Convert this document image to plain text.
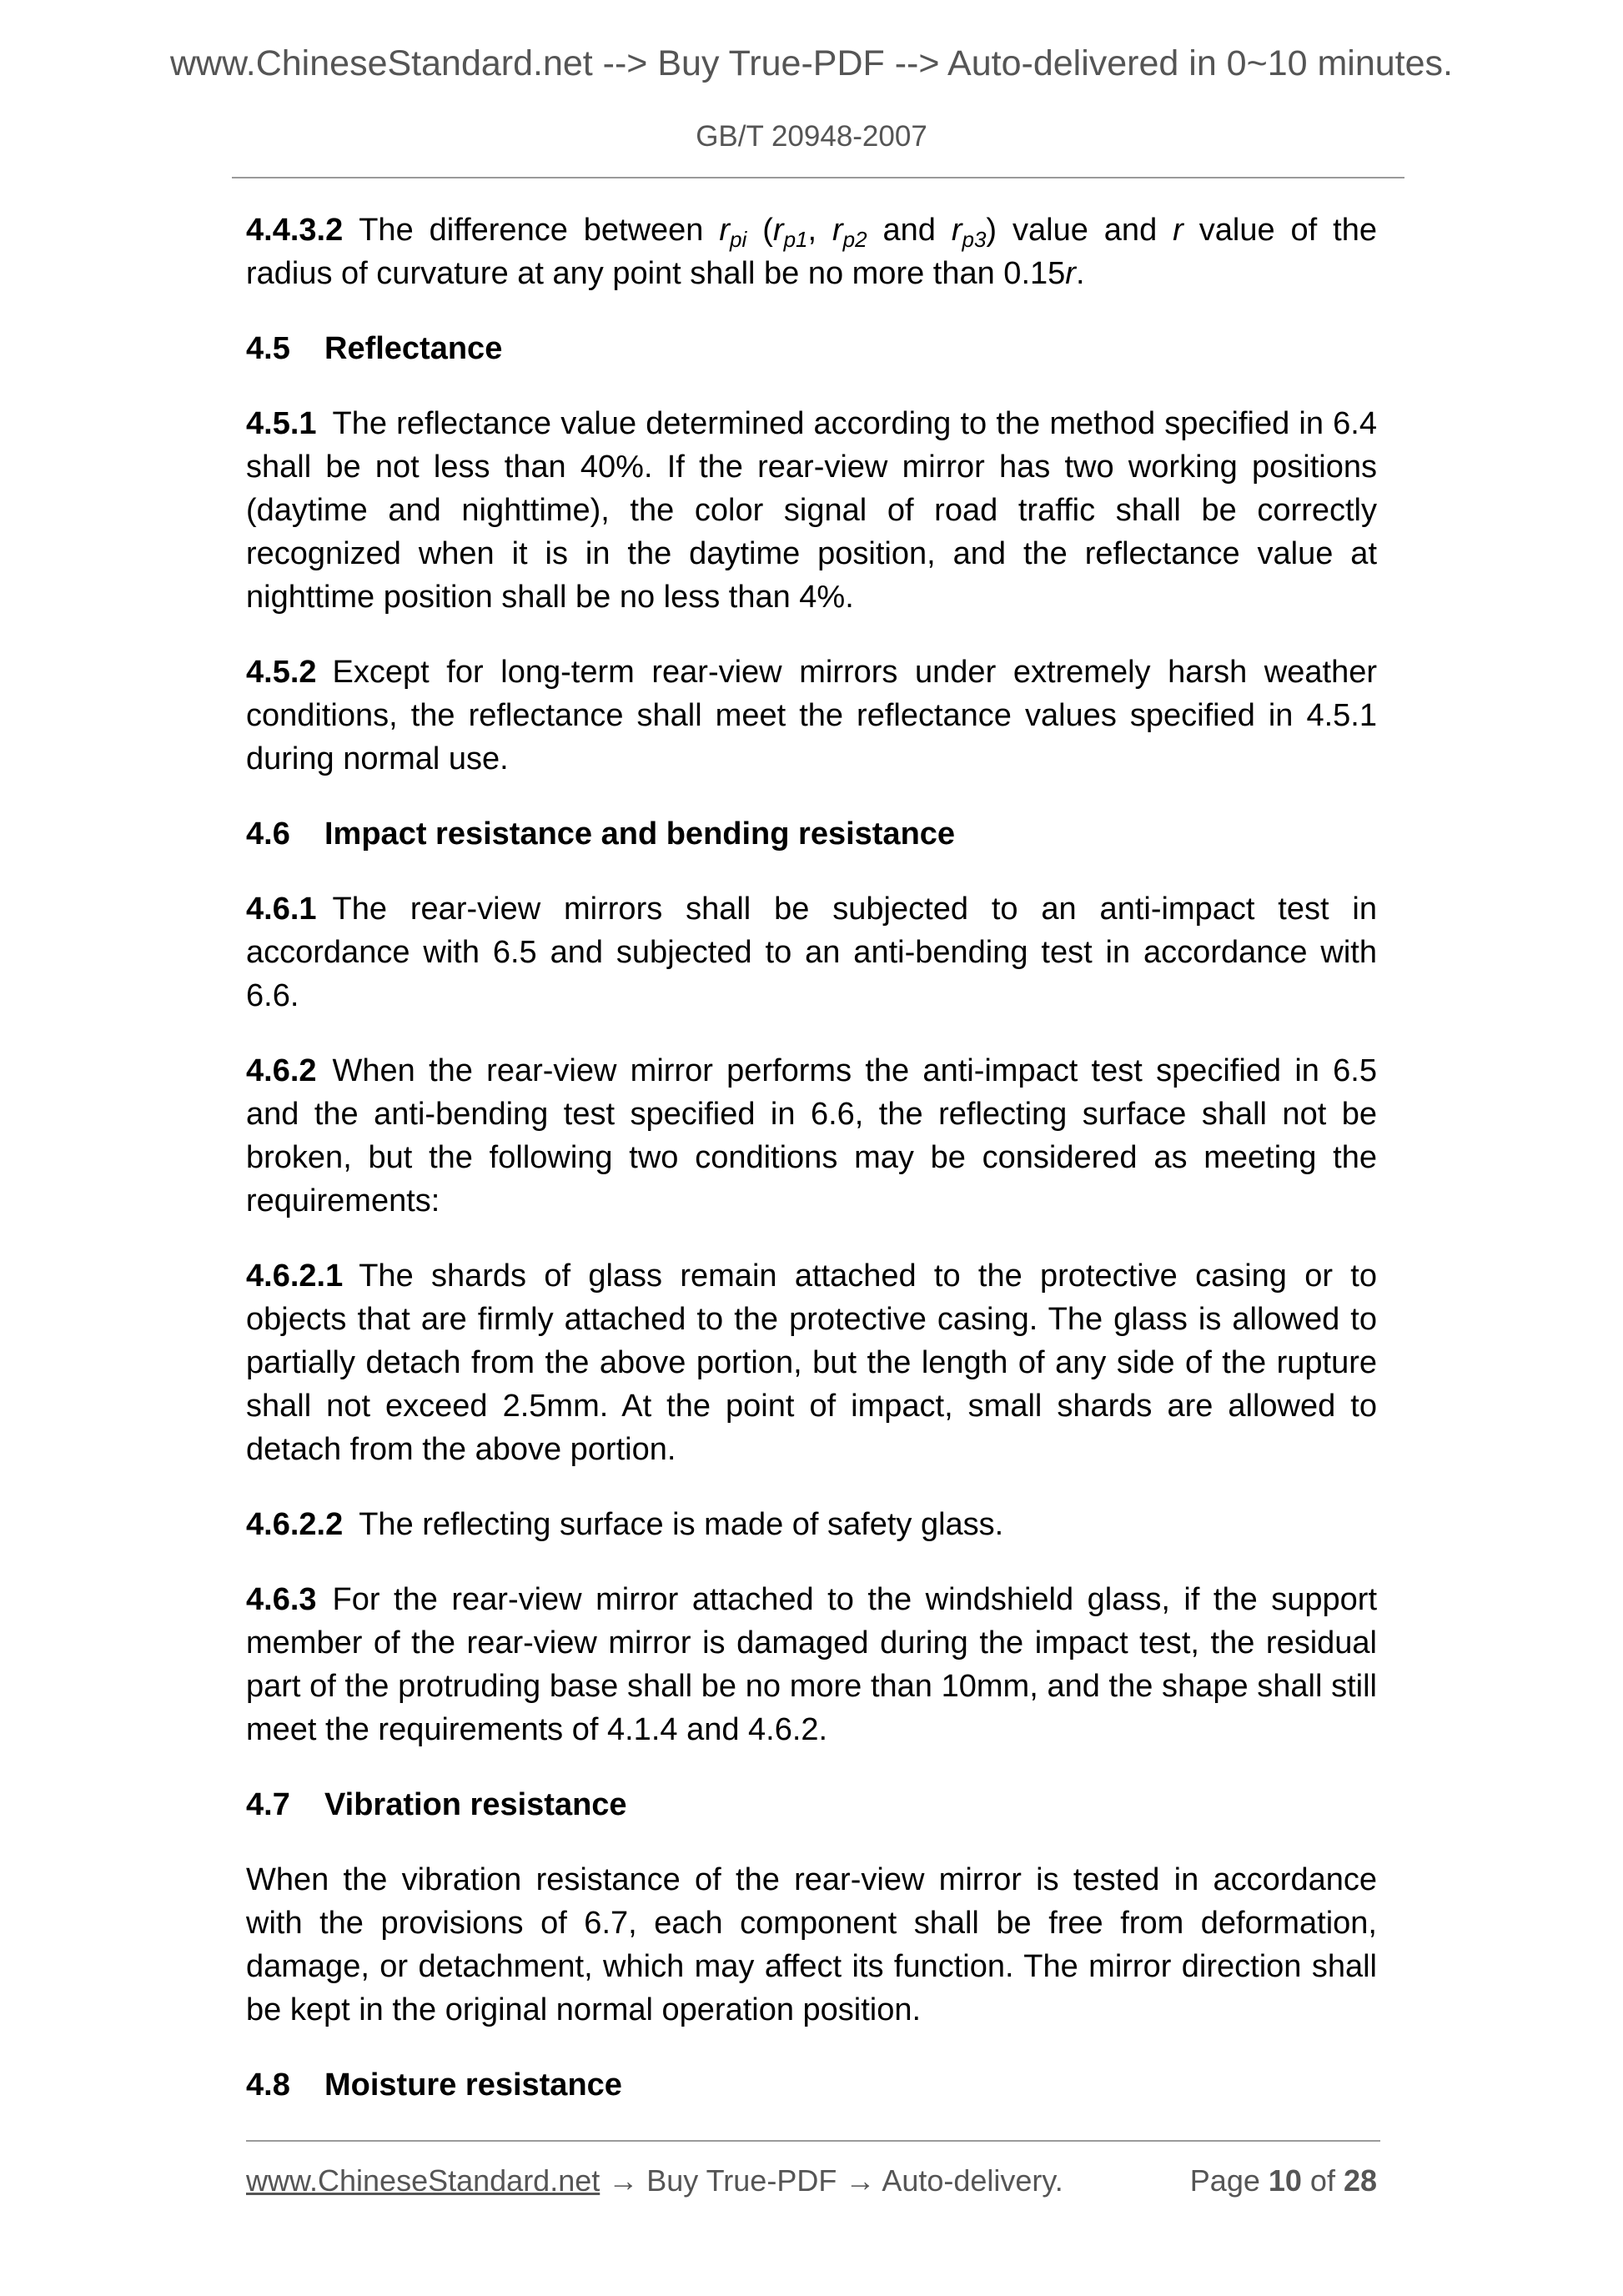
www.ChineseStandard.net --> Buy True-PDF --> Auto-delivered in 0~10 minutes.
GB/T 20948-2007

4.4.3.2 The difference between $r_{pi}$ ($r_{p1}$, $r_{p2}$ and $r_{p3}$) value and r value of the radius of curvature at any point shall be no more than 0.15r.

4.5 Reflectance

4.5.1 The reflectance value determined according to the method specified in 6.4 shall be not less than 40%. If the rear-view mirror has two working positions (daytime and nighttime), the color signal of road traffic shall be correctly recognized when it is in the daytime position, and the reflectance value at nighttime position shall be no less than 4%.

4.5.2 Except for long-term rear-view mirrors under extremely harsh weather conditions, the reflectance shall meet the reflectance values specified in 4.5.1 during normal use.

4.6 Impact resistance and bending resistance

4.6.1 The rear-view mirrors shall be subjected to an anti-impact test in accordance with 6.5 and subjected to an anti-bending test in accordance with 6.6.

4.6.2 When the rear-view mirror performs the anti-impact test specified in 6.5 and the anti-bending test specified in 6.6, the reflecting surface shall not be broken, but the following two conditions may be considered as meeting the requirements:

4.6.2.1 The shards of glass remain attached to the protective casing or to objects that are firmly attached to the protective casing. The glass is allowed to partially detach from the above portion, but the length of any side of the rupture shall not exceed 2.5mm. At the point of impact, small shards are allowed to detach from the above portion.

4.6.2.2 The reflecting surface is made of safety glass.

4.6.3 For the rear-view mirror attached to the windshield glass, if the support member of the rear-view mirror is damaged during the impact test, the residual part of the protruding base shall be no more than 10mm, and the shape shall still meet the requirements of 4.1.4 and 4.6.2.

4.7 Vibration resistance

When the vibration resistance of the rear-view mirror is tested in accordance with the provisions of 6.7, each component shall be free from deformation, damage, or detachment, which may affect its function. The mirror direction shall be kept in the original normal operation position.

4.8 Moisture resistance
www.ChineseStandard.net → Buy True-PDF → Auto-delivery.	Page 10 of 28
